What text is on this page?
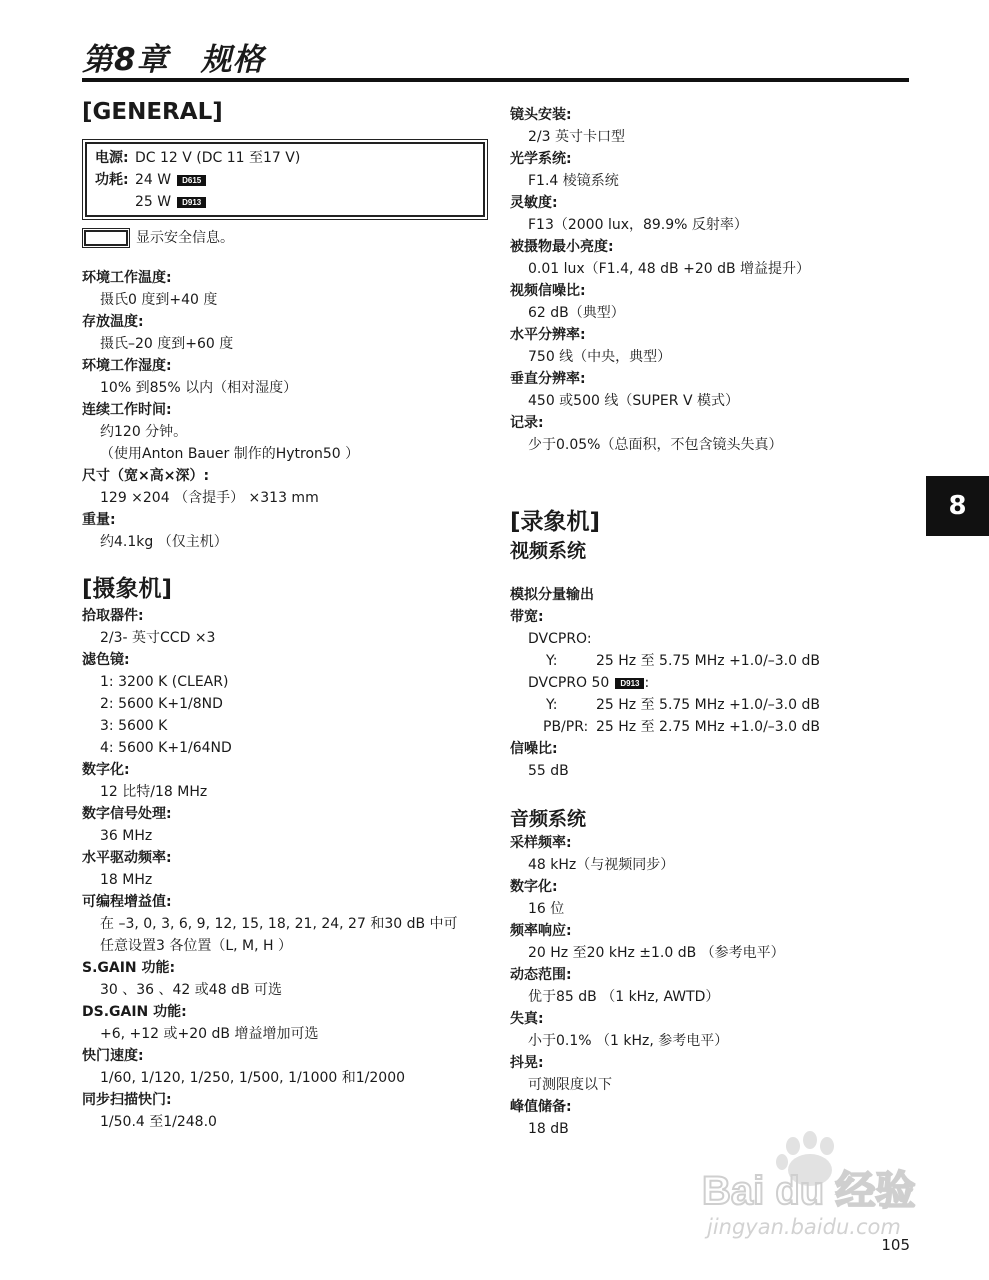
第8章　规格
[GENERAL]
电源: DC 12 V (DC 11 至17 V)
功耗: 24 W D615
25 W D913
显示安全信息。
环境工作温度:
摄氏0 度到+40 度
存放温度:
摄氏–20 度到+60 度
环境工作湿度:
10% 到85% 以内（相对湿度）
连续工作时间:
约120 分钟。
（使用Anton Bauer 制作的Hytron50 ）
尺寸（宽×高×深）:
129 ×204 （含提手） ×313 mm
重量:
约4.1kg （仅主机）
[摄象机]
拾取器件:
2/3- 英寸CCD ×3
滤色镜:
1: 3200 K (CLEAR)
2: 5600 K+1/8ND
3: 5600 K
4: 5600 K+1/64ND
数字化:
12 比特/18 MHz
数字信号处理:
36 MHz
水平驱动频率:
18 MHz
可编程增益值:
在 –3, 0, 3, 6, 9, 12, 15, 18, 21, 24, 27 和30 dB 中可
任意设置3 各位置（L, M, H ）
S.GAIN 功能:
30 、36 、42 或48 dB 可选
DS.GAIN 功能:
+6, +12 或+20 dB 增益增加可选
快门速度:
1/60, 1/120, 1/250, 1/500, 1/1000 和1/2000
同步扫描快门:
1/50.4 至1/248.0
镜头安装:
2/3 英寸卡口型
光学系统:
F1.4 棱镜系统
灵敏度:
F13（2000 lux，89.9% 反射率）
被摄物最小亮度:
0.01 lux（F1.4, 48 dB +20 dB 增益提升）
视频信噪比:
62 dB（典型）
水平分辨率:
750 线（中央，典型）
垂直分辨率:
450 或500 线（SUPER V 模式）
记录:
少于0.05%（总面积，不包含镜头失真）
[录象机]
视频系统
模拟分量输出
带宽:
DVCPRO:
Y:	25 Hz 至 5.75 MHz +1.0/–3.0 dB
DVCPRO 50 D913 :
Y:	25 Hz 至 5.75 MHz +1.0/–3.0 dB
PB/PR: 25 Hz 至 2.75 MHz +1.0/–3.0 dB
信噪比:
55 dB
音频系统
采样频率:
48 kHz（与视频同步）
数字化:
16 位
频率响应:
20 Hz 至20 kHz ±1.0 dB （参考电平）
动态范围:
优于85 dB （1 kHz, AWTD）
失真:
小于0.1% （1 kHz, 参考电平）
抖晃:
可测限度以下
峰值储备:
18 dB
8
Bai du 经验
jingyan.baidu.com
105
